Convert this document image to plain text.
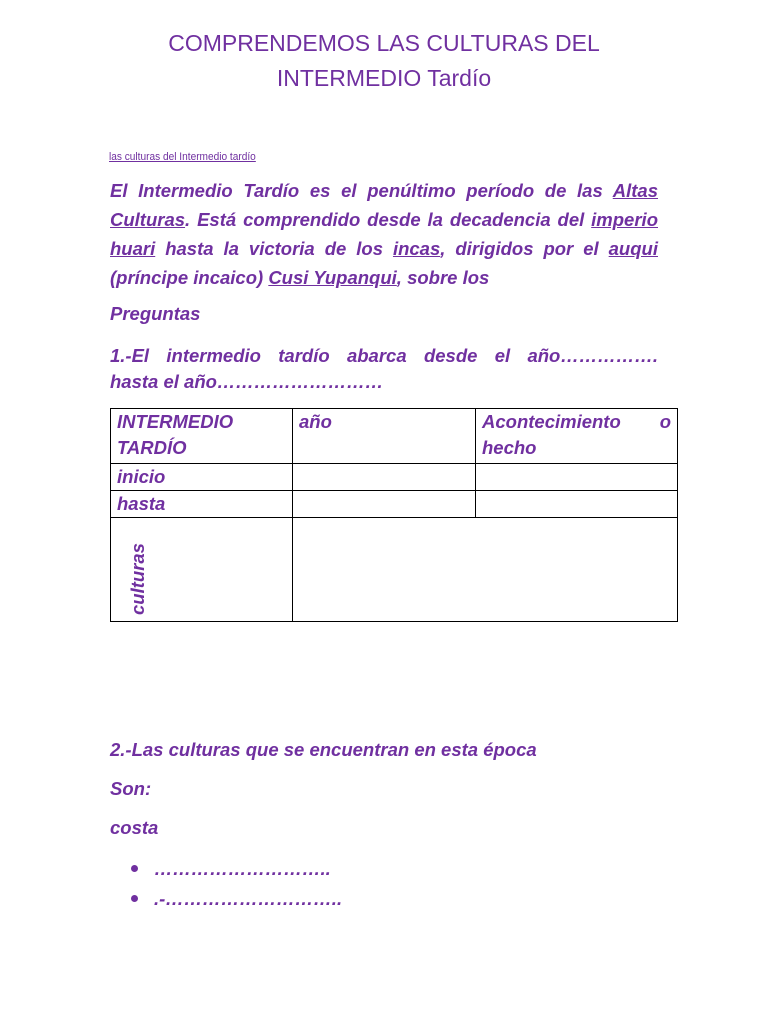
COMPRENDEMOS LAS CULTURAS DEL
INTERMEDIO Tardío
las culturas del Intermedio tardío
El Intermedio Tardío es el penúltimo período de las Altas Culturas. Está comprendido desde la decadencia del imperio huari hasta la victoria de los incas, dirigidos por el auqui (príncipe incaico) Cusi Yupanqui, sobre los
Preguntas
1.-El intermedio tardío abarca desde el año…………….
hasta el año………………………
INTERMEDIO TARDÍO	año	Acontecimiento o hecho
inicio		
hasta		

culturas		

2.-Las culturas que se encuentran en esta época
Son:
costa
………………………..
.-………………………..
